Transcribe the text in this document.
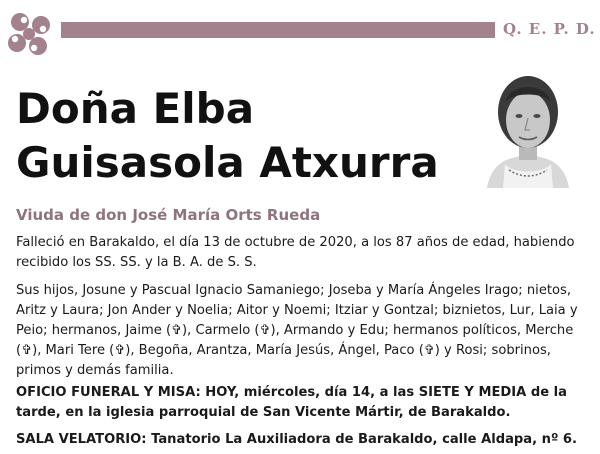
Q. E. P. D.
Doña Elba
Guisasola Atxurra
Viuda de don José María Orts Rueda
Falleció en Barakaldo, el día 13 de octubre de 2020, a los 87 años de edad, habiendo
recibido los SS. SS. y la B. A. de S. S.
Sus hijos, Josune y Pascual Ignacio Samaniego; Joseba y María Ángeles Irago; nietos,
Aritz y Laura; Jon Ander y Noelia; Aitor y Noemi; Itziar y Gontzal; biznietos, Lur, Laia y
Peio; hermanos, Jaime (✞), Carmelo (✞), Armando y Edu; hermanos políticos, Merche
(✞), Mari Tere (✞), Begoña, Arantza, María Jesús, Ángel, Paco (✞) y Rosi; sobrinos,
primos y demás familia.
OFICIO FUNERAL Y MISA: HOY, miércoles, día 14, a las SIETE Y MEDIA de la
tarde, en la iglesia parroquial de San Vicente Mártir, de Barakaldo.
SALA VELATORIO: Tanatorio La Auxiliadora de Barakaldo, calle Aldapa, nº 6.
